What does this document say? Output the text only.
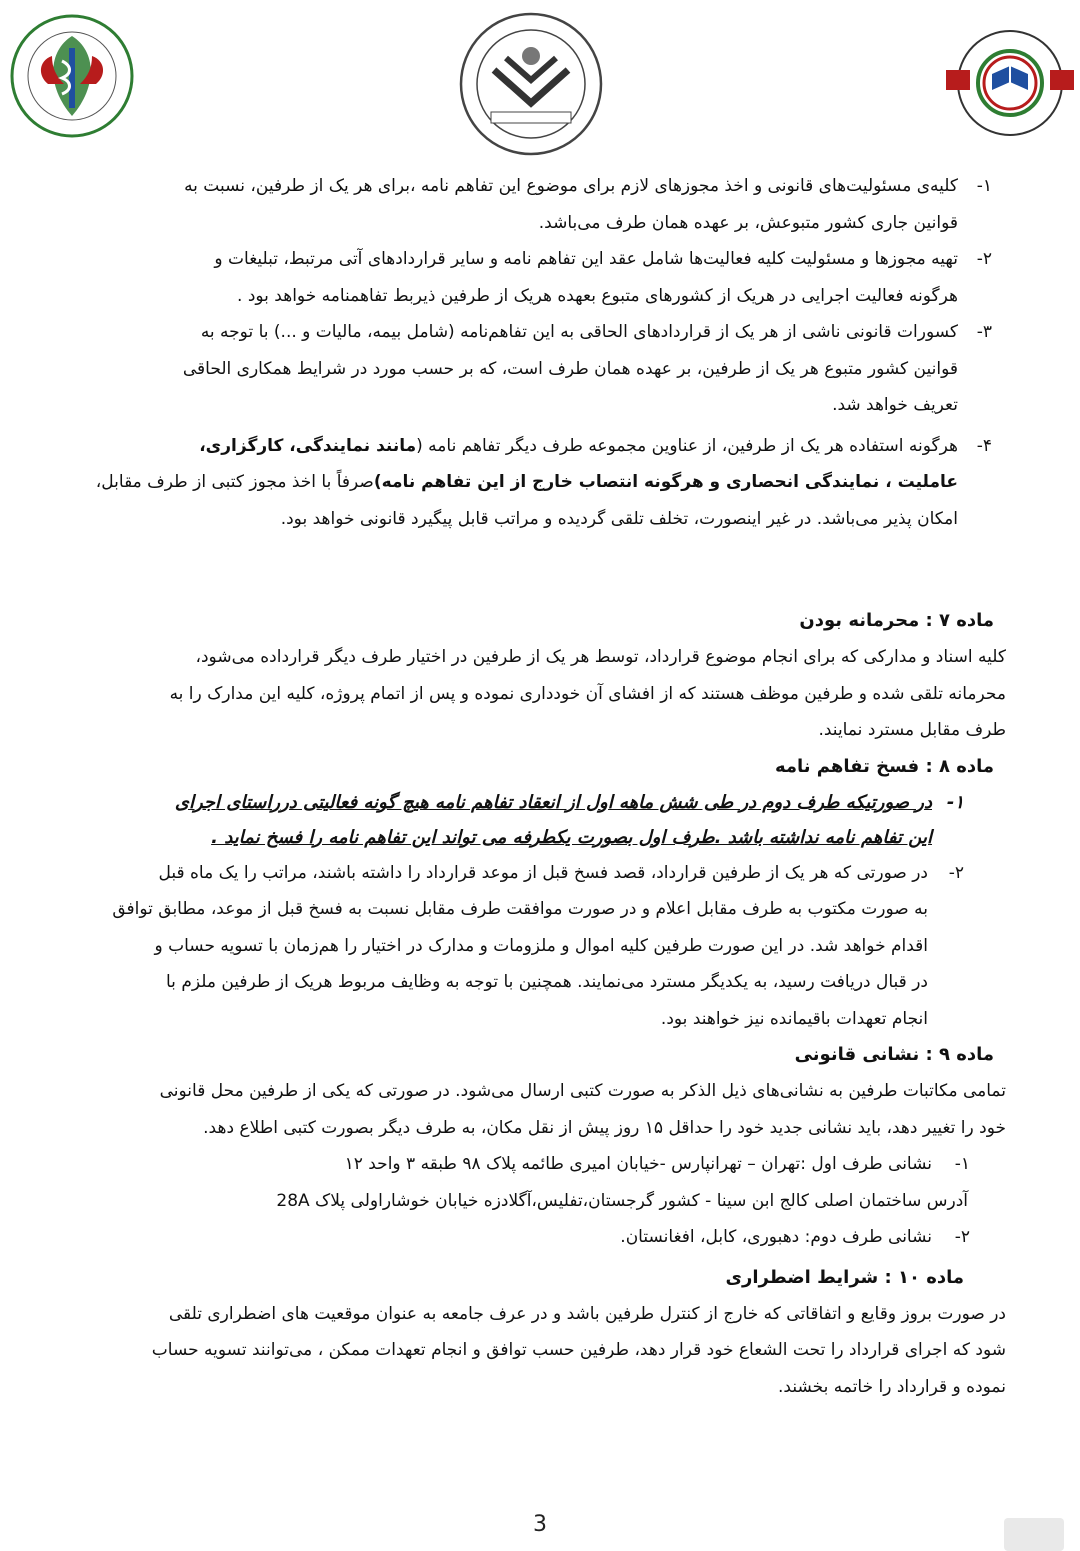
۱-
کلیه‌ی مسئولیت‌های قانونی و اخذ مجوزهای لازم برای موضوع این تفاهم نامه ،برای هر یک از طرفین، نسبت به
قوانین جاری کشور متبوعش، بر عهده همان طرف می‌باشد.
۲-
تهیه مجوزها و مسئولیت کلیه فعالیت‌ها شامل عقد این تفاهم نامه و سایر قراردادهای آتی مرتبط، تبلیغات و
هرگونه فعالیت اجرایی در هریک از کشورهای متبوع بعهده هریک از طرفین ذیربط تفاهمنامه خواهد بود .
۳-
کسورات قانونی ناشی از هر یک از قراردادهای الحاقی به این تفاهم‌نامه (شامل بیمه، مالیات و ...) با توجه به
قوانین کشور متبوع هر یک از طرفین، بر عهده همان طرف است، که بر حسب مورد در شرایط همکاری الحاقی
تعریف خواهد شد.
۴-
هرگونه استفاده هر یک از طرفین، از عناوین مجموعه طرف دیگر تفاهم نامه (مانند نمایندگی، کارگزاری،
عاملیت ، نمایندگی انحصاری و هرگونه انتصاب خارج از این تفاهم نامه)صرفاً با اخذ مجوز کتبی از طرف مقابل،
امکان پذیر می‌باشد. در غیر اینصورت، تخلف تلقی گردیده و مراتب قابل پیگیرد قانونی خواهد بود.
ماده ۷ : محرمانه بودن
کلیه اسناد و مدارکی که برای انجام موضوع قرارداد، توسط هر یک از طرفین در اختیار طرف دیگر قرارداده می‌شود،
محرمانه تلقی شده و طرفین موظف هستند که از افشای آن خودداری نموده و پس از اتمام پروژه، کلیه این مدارک را به
طرف مقابل مسترد نمایند.
ماده ۸ : فسخ تفاهم نامه
۱-
در صورتیکه طرف دوم در طی شش ماهه اول از انعقاد تفاهم نامه هیچ گونه فعالیتی درراستای اجرای
این تفاهم نامه نداشته باشد .طرف اول بصورت یکطرفه می تواند این تفاهم نامه را فسخ نماید .
۲-
در صورتی که هر یک از طرفین قرارداد، قصد فسخ قبل از موعد قرارداد را داشته باشند، مراتب را یک ماه قبل
به صورت مکتوب به طرف مقابل اعلام و در صورت موافقت طرف مقابل نسبت به فسخ قبل از موعد، مطابق توافق
اقدام خواهد شد. در این صورت طرفین کلیه اموال و ملزومات و مدارک در اختیار را هم‌زمان با تسویه حساب و
در قبال دریافت رسید، به یکدیگر مسترد می‌نمایند. همچنین با توجه به وظایف مربوط هریک از طرفین ملزم با
انجام تعهدات باقیمانده نیز خواهند بود.
ماده ۹ : نشانی قانونی
تمامی مکاتبات طرفین به نشانی‌های ذیل الذکر به صورت کتبی ارسال می‌شود. در صورتی که یکی از طرفین محل قانونی
خود را تغییر دهد، باید نشانی جدید خود را حداقل ۱۵ روز پیش از نقل مکان، به طرف دیگر بصورت کتبی اطلاع دهد.
۱-
نشانی طرف اول :تهران – تهرانپارس -خیابان امیری طائمه پلاک ۹۸ طبقه ۳ واحد ۱۲
آدرس ساختمان اصلی کالج ابن سینا - کشور گرجستان،تفلیس،آگلادزه خیابان خوشاراولی پلاک 28A
۲-
نشانی طرف دوم: دهبوری، کابل، افغانستان.
ماده ۱۰ : شرایط اضطراری
در صورت بروز وقایع و اتفاقاتی که خارج از کنترل طرفین باشد و در عرف جامعه به عنوان موقعیت های اضطراری تلقی
شود که اجرای قرارداد را تحت الشعاع خود قرار دهد، طرفین حسب توافق و انجام تعهدات ممکن ، می‌توانند تسویه حساب
نموده و قرارداد را خاتمه بخشند.
3
